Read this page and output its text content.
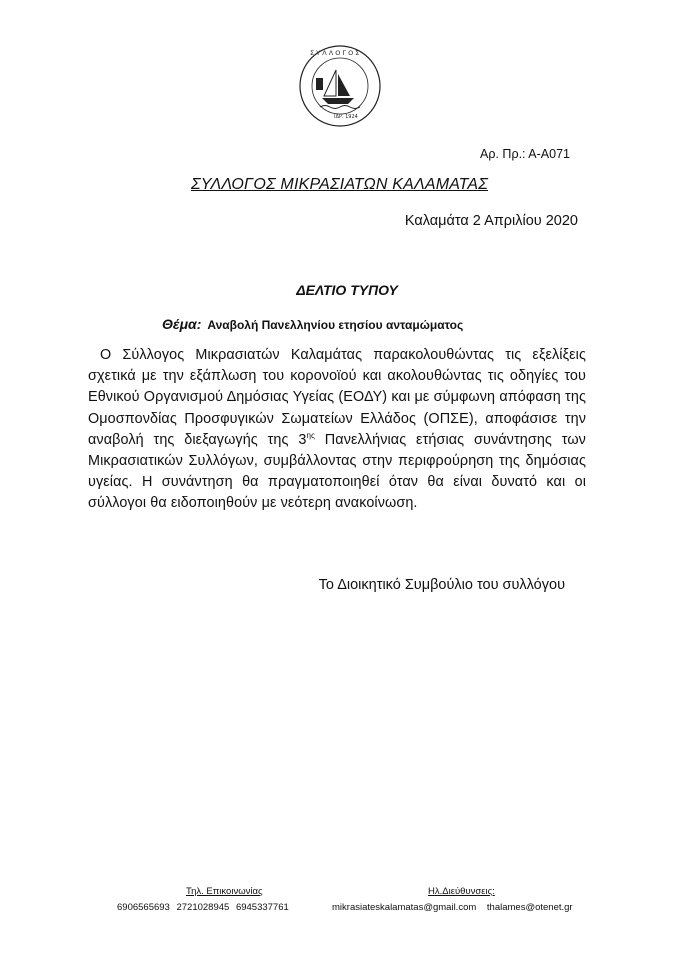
Σ Υ Λ Λ Ο Γ Ο Σ
ΙΔΡ. 1924
Αρ. Πρ.: Α-Α071
ΣΥΛΛΟΓΟΣ ΜΙΚΡΑΣΙΑΤΩΝ ΚΑΛΑΜΑΤΑΣ
Καλαμάτα 2 Απριλίου 2020
ΔΕΛΤΙΟ ΤΥΠΟΥ
Θέμα: Αναβολή Πανελληνίου ετησίου ανταμώματος
Ο Σύλλογος Μικρασιατών Καλαμάτας παρακολουθώντας τις εξελίξεις σχετικά με την εξάπλωση του κορονοϊού και ακολουθώντας τις οδηγίες του Εθνικού Οργανισμού Δημόσιας Υγείας (ΕΟΔΥ) και με σύμφωνη απόφαση της Ομοσπονδίας Προσφυγικών Σωματείων Ελλάδος (ΟΠΣΕ), αποφάσισε την αναβολή της διεξαγωγής της $3^{\eta\varsigma}$ Πανελλήνιας ετήσιας συνάντησης των Μικρασιατικών Συλλόγων, συμβάλλοντας στην περιφρούρηση της δημόσιας υγείας. Η συνάντηση θα πραγματοποιηθεί όταν θα είναι δυνατό και οι σύλλογοι θα ειδοποιηθούν με νεότερη ανακοίνωση.
Το Διοικητικό Συμβούλιο του συλλόγου
Τηλ. Επικοινωνίας
6906565693 2721028945 6945337761
Ηλ.Διεύθυνσεις:
mikrasiateskalamatas@gmail.com thalames@otenet.gr
